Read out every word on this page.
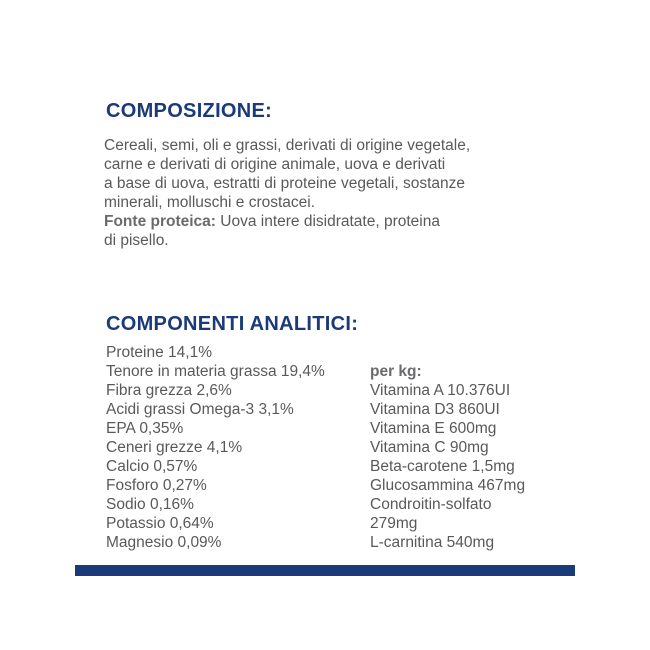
COMPOSIZIONE:
Cereali, semi, oli e grassi, derivati di origine vegetale,
carne e derivati di origine animale, uova e derivati
a base di uova, estratti di proteine vegetali, sostanze
minerali, molluschi e crostacei.
Fonte proteica: Uova intere disidratate, proteina
di pisello.
COMPONENTI ANALITICI:
Proteine 14,1%
Tenore in materia grassa 19,4%
Fibra grezza 2,6%
Acidi grassi Omega-3 3,1%
EPA 0,35%
Ceneri grezze 4,1%
Calcio 0,57%
Fosforo 0,27%
Sodio 0,16%
Potassio 0,64%
Magnesio 0,09%
per kg:
Vitamina A 10.376UI
Vitamina D3 860UI
Vitamina E 600mg
Vitamina C 90mg
Beta-carotene 1,5mg
Glucosammina 467mg
Condroitin-solfato
279mg
L-carnitina 540mg
